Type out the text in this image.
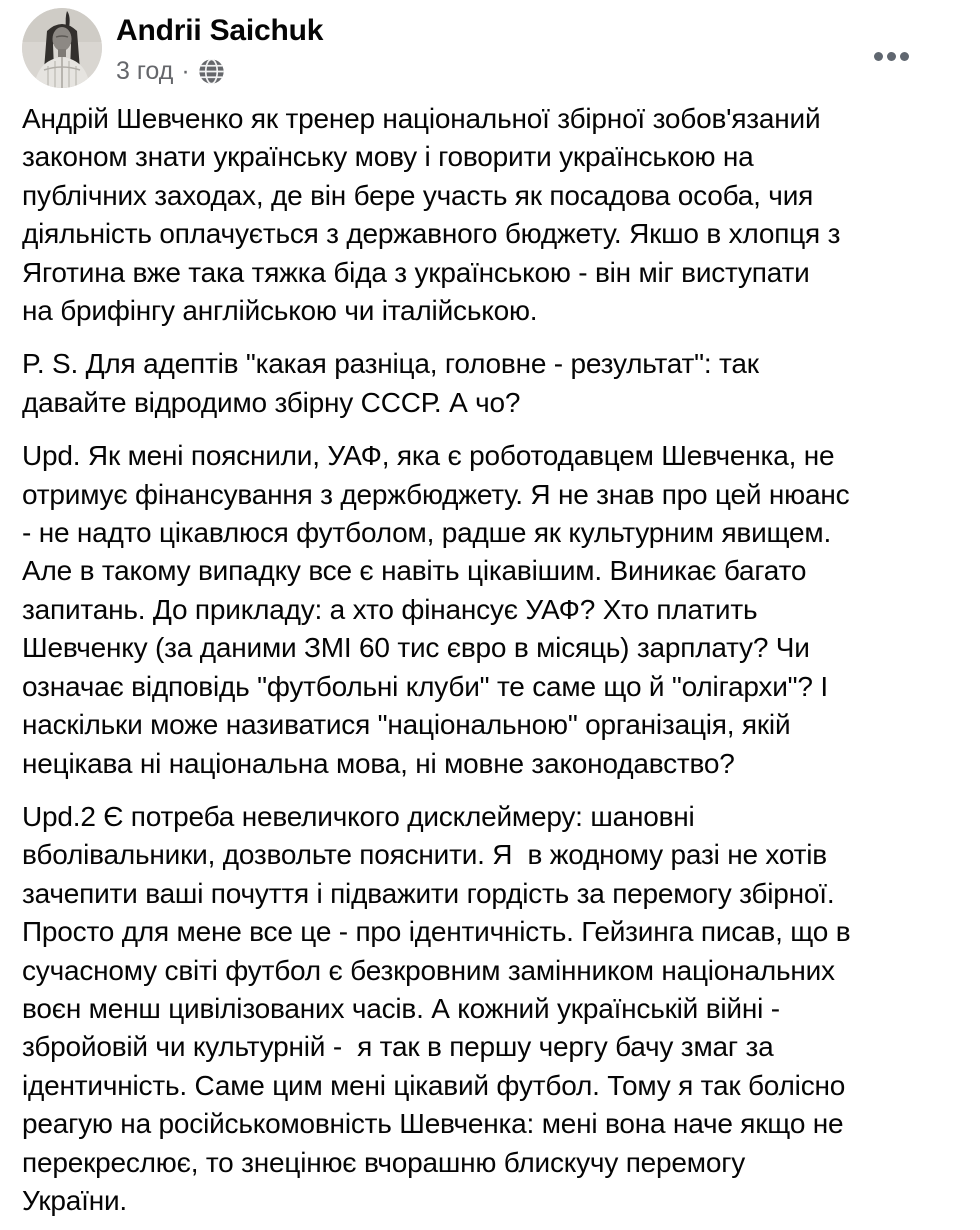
Andrii Saichuk
3 год ·
Андрій Шевченко як тренер національної збірної зобов'язаний
законом знати українську мову і говорити українською на
публічних заходах, де він бере участь як посадова особа, чия
діяльність оплачується з державного бюджету. Якшо в хлопця з
Яготина вже така тяжка біда з українською - він міг виступати
на брифінгу англійською чи італійською.
P. S. Для адептів "какая разніца, головне - результат": так
давайте відродимо збірну СССР. А чо?
Upd. Як мені пояснили, УАФ, яка є роботодавцем Шевченка, не
отримує фінансування з держбюджету. Я не знав про цей нюанс
- не надто цікавлюся футболом, радше як культурним явищем.
Але в такому випадку все є навіть цікавішим. Виникає багато
запитань. До прикладу: а хто фінансує УАФ? Хто платить
Шевченку (за даними ЗМІ 60 тис євро в місяць) зарплату? Чи
означає відповідь "футбольні клуби" те саме що й "олігархи"? І
наскільки може називатися "національною" організація, якій
нецікава ні національна мова, ні мовне законодавство?
Upd.2 Є потреба невеличкого дисклеймеру: шановні
вболівальники, дозвольте пояснити. Я  в жодному разі не хотів
зачепити ваші почуття і підважити гордість за перемогу збірної.
Просто для мене все це - про ідентичність. Гейзинга писав, що в
сучасному світі футбол є безкровним замінником національних
воєн менш цивілізованих часів. А кожний українській війні -
збройовій чи культурній -  я так в першу чергу бачу змаг за
ідентичність. Саме цим мені цікавий футбол. Тому я так болісно
реагую на російськомовність Шевченка: мені вона наче якщо не
перекреслює, то знецінює вчорашню блискучу перемогу
України.
